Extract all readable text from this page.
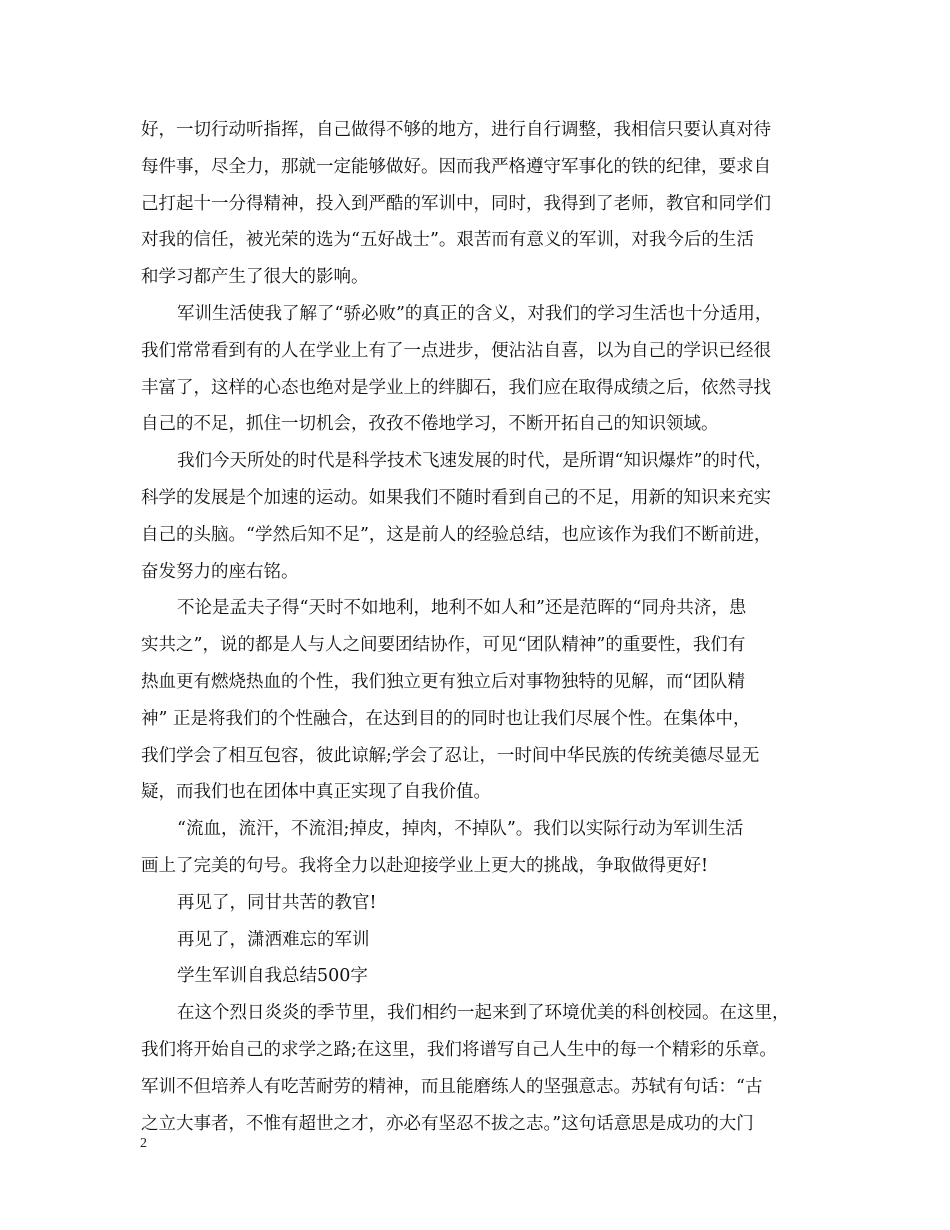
好，一切行动听指挥，自己做得不够的地方，进行自行调整，我相信只要认真对待
每件事，尽全力，那就一定能够做好。因而我严格遵守军事化的铁的纪律，要求自
己打起十一分得精神，投入到严酷的军训中，同时，我得到了老师，教官和同学们
对我的信任，被光荣的选为“五好战士”。艰苦而有意义的军训，对我今后的生活
和学习都产生了很大的影响。
军训生活使我了解了“骄必败”的真正的含义，对我们的学习生活也十分适用，
我们常常看到有的人在学业上有了一点进步，便沾沾自喜，以为自己的学识已经很
丰富了，这样的心态也绝对是学业上的绊脚石，我们应在取得成绩之后，依然寻找
自己的不足，抓住一切机会，孜孜不倦地学习，不断开拓自己的知识领域。
我们今天所处的时代是科学技术飞速发展的时代，是所谓“知识爆炸”的时代，
科学的发展是个加速的运动。如果我们不随时看到自己的不足，用新的知识来充实
自己的头脑。“学然后知不足”，这是前人的经验总结，也应该作为我们不断前进，
奋发努力的座右铭。
不论是孟夫子得“天时不如地利，地利不如人和”还是范晖的“同舟共济，患
实共之”，说的都是人与人之间要团结协作，可见“团队精神”的重要性，我们有
热血更有燃烧热血的个性，我们独立更有独立后对事物独特的见解，而“团队精
神” 正是将我们的个性融合，在达到目的的同时也让我们尽展个性。在集体中，
我们学会了相互包容，彼此谅解;学会了忍让，一时间中华民族的传统美德尽显无
疑，而我们也在团体中真正实现了自我价值。
“流血，流汗，不流泪;掉皮，掉肉，不掉队”。我们以实际行动为军训生活
画上了完美的句号。我将全力以赴迎接学业上更大的挑战，争取做得更好!
再见了，同甘共苦的教官!
再见了，潇洒难忘的军训
学生军训自我总结500字
在这个烈日炎炎的季节里，我们相约一起来到了环境优美的科创校园。在这里，
我们将开始自己的求学之路;在这里，我们将谱写自己人生中的每一个精彩的乐章。
军训不但培养人有吃苦耐劳的精神，而且能磨练人的坚强意志。苏轼有句话：“古
之立大事者，不惟有超世之才，亦必有坚忍不拔之志。”这句话意思是成功的大门
2
